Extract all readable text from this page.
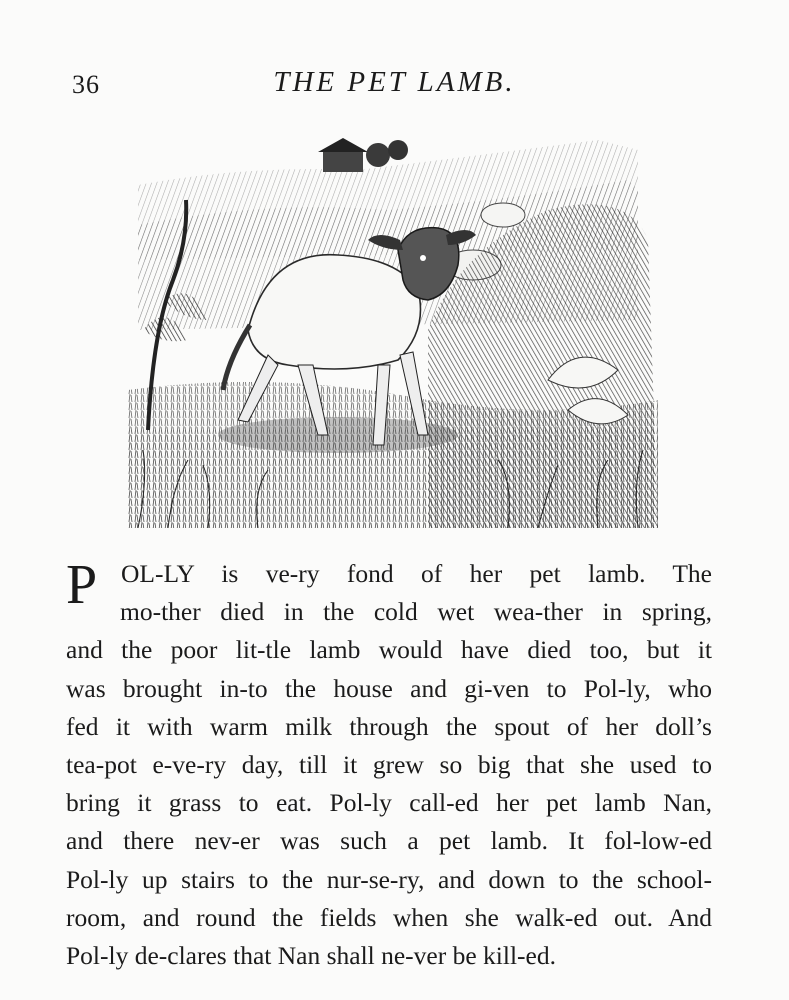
36	THE PET LAMB.
P OL-LY is ve-ry fond of her pet lamb. The
mo-ther died in the cold wet wea-ther in spring,
and the poor lit-tle lamb would have died too, but it
was brought in-to the house and gi-ven to Pol-ly, who
fed it with warm milk through the spout of her doll’s
tea-pot e-ve-ry day, till it grew so big that she used to
bring it grass to eat. Pol-ly call-ed her pet lamb Nan,
and there nev-er was such a pet lamb. It fol-low-ed
Pol-ly up stairs to the nur-se-ry, and down to the school-
room, and round the fields when she walk-ed out. And
Pol-ly de-clares that Nan shall ne-ver be kill-ed.
